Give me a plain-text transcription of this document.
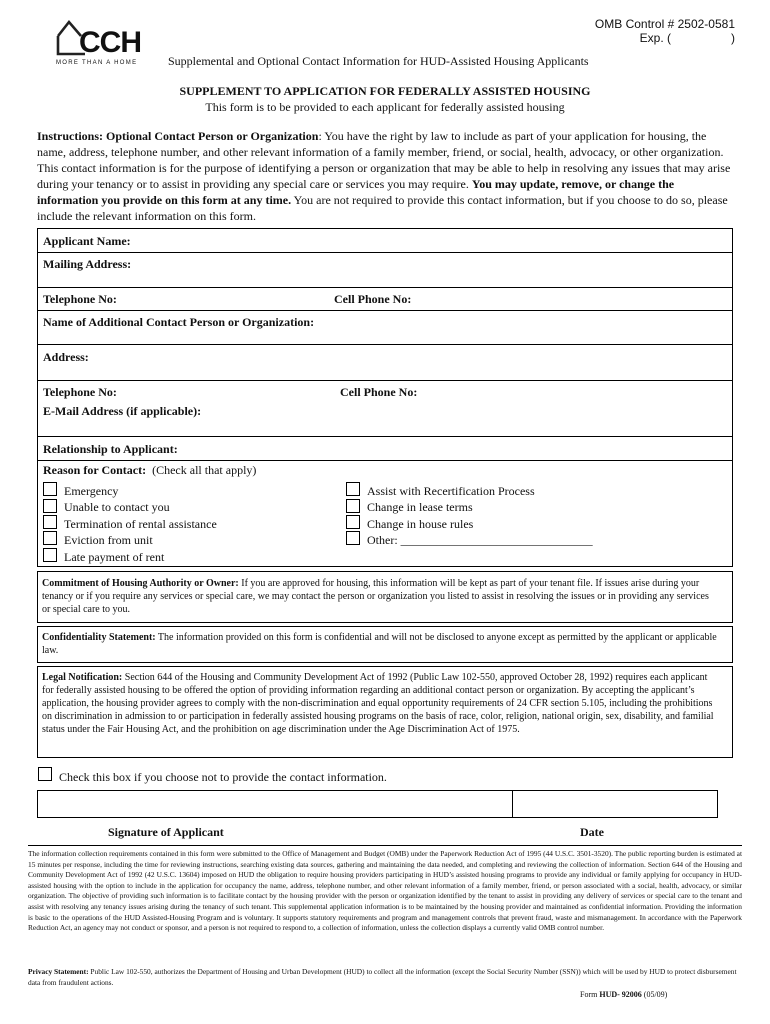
CCH
MORE THAN A HOME
OMB Control # 2502-0581
Exp. (                  )
Supplemental and Optional Contact Information for HUD-Assisted Housing Applicants
SUPPLEMENT TO APPLICATION FOR FEDERALLY ASSISTED HOUSING
This form is to be provided to each applicant for federally assisted housing
Instructions: Optional Contact Person or Organization: You have the right by law to include as part of your application for housing, the name, address, telephone number, and other relevant information of a family member, friend, or social, health, advocacy, or other organization. This contact information is for the purpose of identifying a person or organization that may be able to help in resolving any issues that may arise during your tenancy or to assist in providing any special care or services you may require. You may update, remove, or change the information you provide on this form at any time. You are not required to provide this contact information, but if you choose to do so, please include the relevant information on this form.
Applicant Name:
Mailing Address:
Telephone No:	Cell Phone No:
Name of Additional Contact Person or Organization:
Address:
Telephone No:	Cell Phone No:
E-Mail Address (if applicable):
Relationship to Applicant:
Reason for Contact:  (Check all that apply)
Emergency
Unable to contact you
Termination of rental assistance
Eviction from unit
Late payment of rent
Assist with Recertification Process
Change in lease terms
Change in house rules
Other: ________________________________
Commitment of Housing Authority or Owner: If you are approved for housing, this information will be kept as part of your tenant file. If issues arise during your tenancy or if you require any services or special care, we may contact the person or organization you listed to assist in resolving the issues or in providing any services or special care to you.
Confidentiality Statement: The information provided on this form is confidential and will not be disclosed to anyone except as permitted by the applicant or applicable law.
Legal Notification: Section 644 of the Housing and Community Development Act of 1992 (Public Law 102-550, approved October 28, 1992) requires each applicant for federally assisted housing to be offered the option of providing information regarding an additional contact person or organization. By accepting the applicant’s application, the housing provider agrees to comply with the non-discrimination and equal opportunity requirements of 24 CFR section 5.105, including the prohibitions on discrimination in admission to or participation in federally assisted housing programs on the basis of race, color, religion, national origin, sex, disability, and familial status under the Fair Housing Act, and the prohibition on age discrimination under the Age Discrimination Act of 1975.
Check this box if you choose not to provide the contact information.
Signature of Applicant	Date
The information collection requirements contained in this form were submitted to the Office of Management and Budget (OMB) under the Paperwork Reduction Act of 1995 (44 U.S.C. 3501-3520). The public reporting burden is estimated at 15 minutes per response, including the time for reviewing instructions, searching existing data sources, gathering and maintaining the data needed, and completing and reviewing the collection of information. Section 644 of the Housing and Community Development Act of 1992 (42 U.S.C. 13604) imposed on HUD the obligation to require housing providers participating in HUD’s assisted housing programs to provide any individual or family applying for occupancy in HUD-assisted housing with the option to include in the application for occupancy the name, address, telephone number, and other relevant information of a family member, friend, or person associated with a social, health, advocacy, or similar organization. The objective of providing such information is to facilitate contact by the housing provider with the person or organization identified by the tenant to assist in providing any delivery of services or special care to the tenant and assist with resolving any tenancy issues arising during the tenancy of such tenant. This supplemental application information is to be maintained by the housing provider and maintained as confidential information. Providing the information is basic to the operations of the HUD Assisted-Housing Program and is voluntary. It supports statutory requirements and program and management controls that prevent fraud, waste and mismanagement. In accordance with the Paperwork Reduction Act, an agency may not conduct or sponsor, and a person is not required to respond to, a collection of information, unless the collection displays a currently valid OMB control number.
Privacy Statement: Public Law 102-550, authorizes the Department of Housing and Urban Development (HUD) to collect all the information (except the Social Security Number (SSN)) which will be used by HUD to protect disbursement data from fraudulent actions.
Form HUD- 92006 (05/09)
